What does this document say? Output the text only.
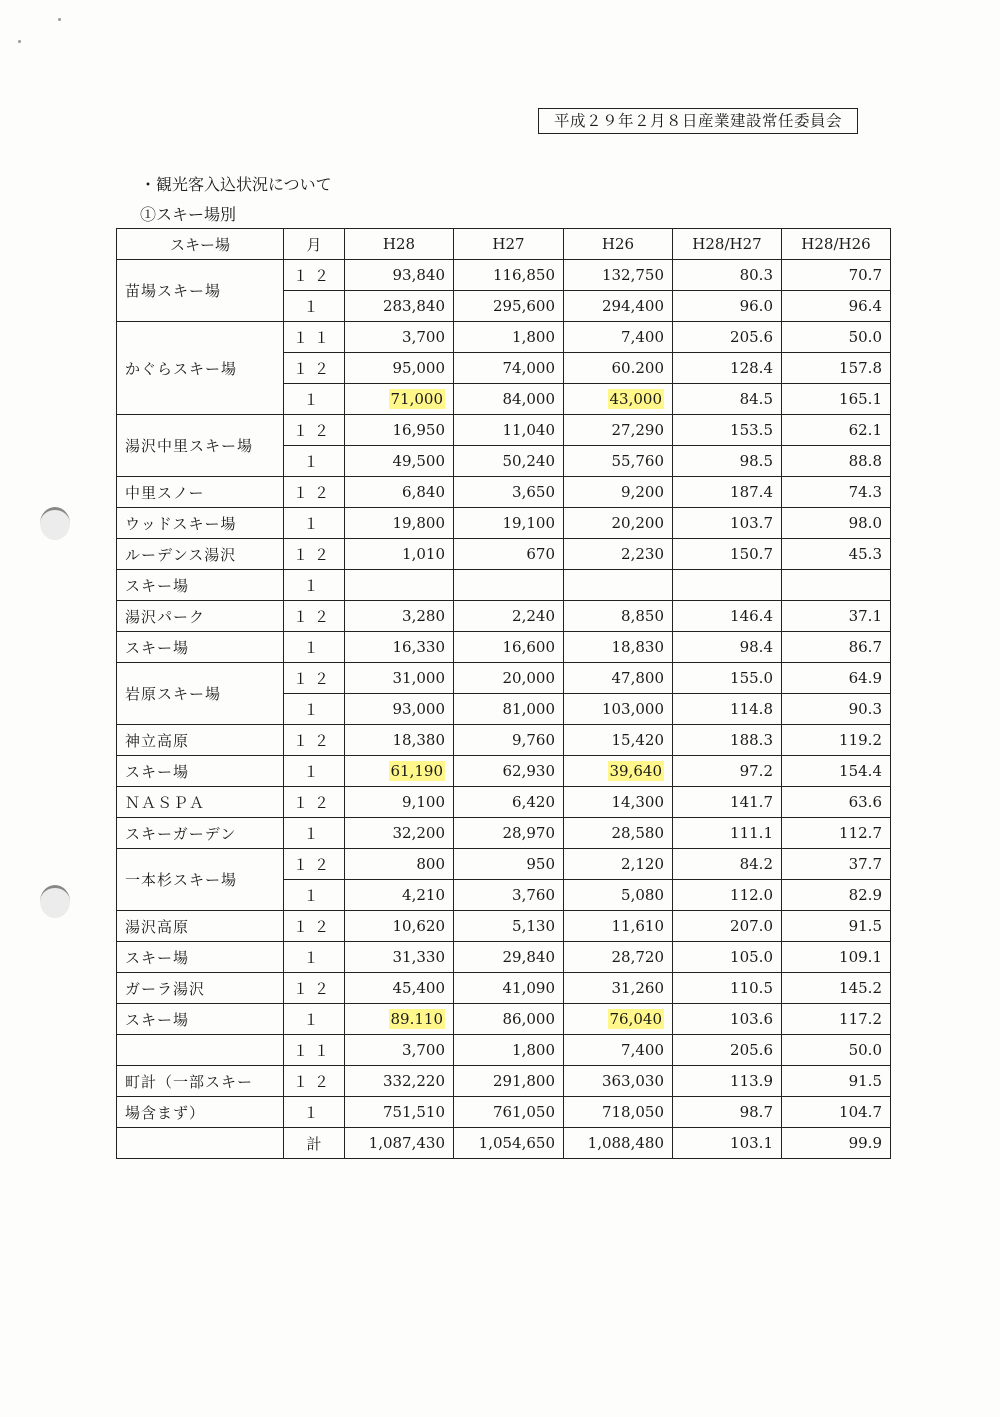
平成２９年２月８日産業建設常任委員会
・観光客入込状況について
①スキー場別
スキー場	月	H28	H27	H26	H28/H27	H28/H26
苗場スキー場	１２	93,840	116,850	132,750	80.3	70.7
	１	283,840	295,600	294,400	96.0	96.4
かぐらスキー場	１１	3,700	1,800	7,400	205.6	50.0
	１２	95,000	74,000	60.200	128.4	157.8
	１	71,000	84,000	43,000	84.5	165.1
湯沢中里スキー場	１２	16,950	11,040	27,290	153.5	62.1
	１	49,500	50,240	55,760	98.5	88.8
中里スノー	１２	6,840	3,650	9,200	187.4	74.3
ウッドスキー場	１	19,800	19,100	20,200	103.7	98.0
ルーデンス湯沢	１２	1,010	670	2,230	150.7	45.3
スキー場	１					
湯沢パーク	１２	3,280	2,240	8,850	146.4	37.1
スキー場	１	16,330	16,600	18,830	98.4	86.7
岩原スキー場	１２	31,000	20,000	47,800	155.0	64.9
	１	93,000	81,000	103,000	114.8	90.3
神立高原	１２	18,380	9,760	15,420	188.3	119.2
スキー場	１	61,190	62,930	39,640	97.2	154.4
ＮＡＳＰＡ	１２	9,100	6,420	14,300	141.7	63.6
スキーガーデン	１	32,200	28,970	28,580	111.1	112.7
一本杉スキー場	１２	800	950	2,120	84.2	37.7
	１	4,210	3,760	5,080	112.0	82.9
湯沢高原	１２	10,620	5,130	11,610	207.0	91.5
スキー場	１	31,330	29,840	28,720	105.0	109.1
ガーラ湯沢	１２	45,400	41,090	31,260	110.5	145.2
スキー場	１	89.110	86,000	76,040	103.6	117.2
	１１	3,700	1,800	7,400	205.6	50.0
町計（一部スキー	１２	332,220	291,800	363,030	113.9	91.5
場含まず）	１	751,510	761,050	718,050	98.7	104.7
	計	1,087,430	1,054,650	1,088,480	103.1	99.9
